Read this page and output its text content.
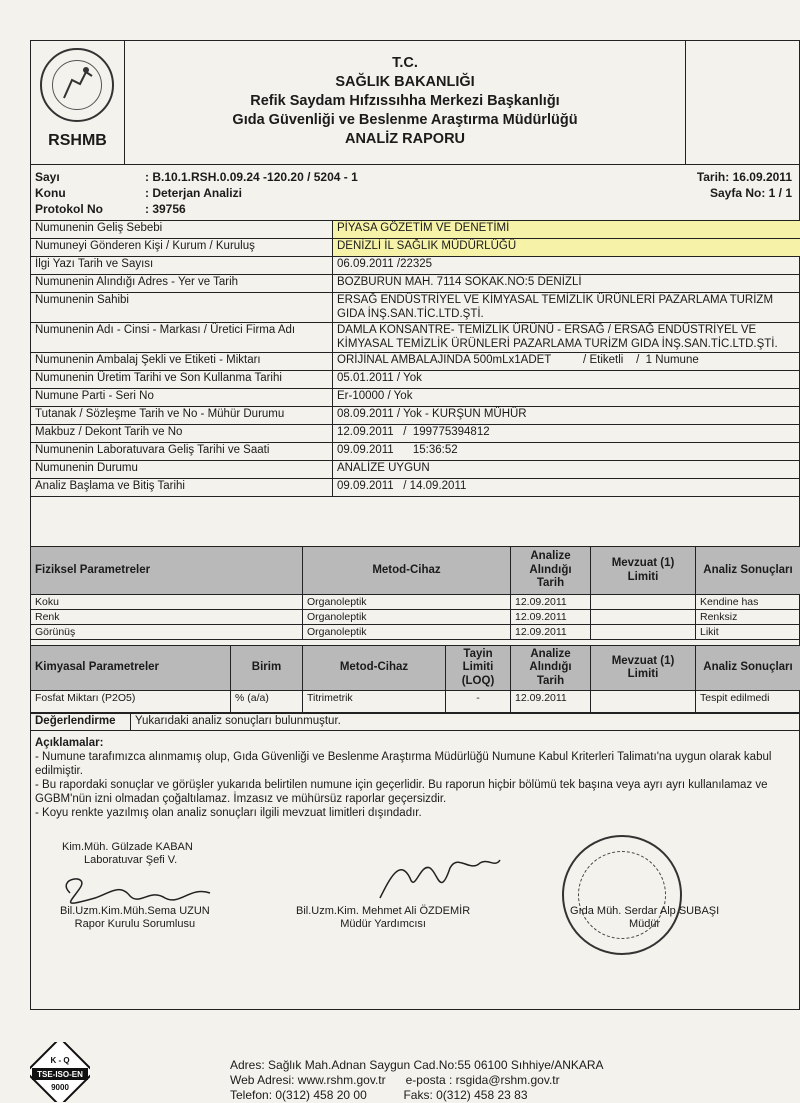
RSHMB
T.C.
SAĞLIK BAKANLIĞI
Refik Saydam Hıfzıssıhha Merkezi Başkanlığı
Gıda Güvenliği ve Beslenme Araştırma Müdürlüğü
ANALİZ RAPORU
Sayı	: B.10.1.RSH.0.09.24 -120.20 / 5204 - 1	Tarih: 16.09.2011
Konu	: Deterjan Analizi	Sayfa No: 1 / 1
Protokol No	: 39756
Numunenin Geliş Sebebi	PİYASA GÖZETİM VE DENETİMİ
Numuneyi Gönderen Kişi / Kurum / Kuruluş	DENİZLİ İL SAĞLIK MÜDÜRLÜĞÜ
İlgi Yazı Tarih ve Sayısı	06.09.2011 /22325
Numunenin Alındığı Adres - Yer ve Tarih	BOZBURUN MAH. 7114 SOKAK.NO:5 DENİZLİ
Numunenin Sahibi	ERSAĞ ENDÜSTRİYEL VE KİMYASAL TEMİZLİK ÜRÜNLERİ PAZARLAMA TURİZM GIDA İNŞ.SAN.TİC.LTD.ŞTİ.
Numunenin Adı - Cinsi - Markası / Üretici Firma Adı	DAMLA KONSANTRE- TEMİZLİK ÜRÜNÜ - ERSAĞ / ERSAĞ ENDÜSTRİYEL VE KİMYASAL TEMİZLİK ÜRÜNLERİ PAZARLAMA TURİZM GIDA İNŞ.SAN.TİC.LTD.ŞTİ.
Numunenin Ambalaj Şekli ve Etiketi - Miktarı	ORİJİNAL AMBALAJINDA 500mLx1ADET          / Etiketli    /  1 Numune
Numunenin Üretim Tarihi ve Son Kullanma Tarihi	05.01.2011 / Yok
Numune Parti - Seri No	Er-10000 / Yok
Tutanak / Sözleşme Tarih ve No - Mühür Durumu	08.09.2011 / Yok - KURŞUN MÜHÜR
Makbuz / Dekont Tarih ve No	12.09.2011   /  199775394812
Numunenin Laboratuvara Geliş Tarihi ve Saati	09.09.2011      15:36:52
Numunenin Durumu	ANALİZE UYGUN
Analiz Başlama ve Bitiş Tarihi	09.09.2011   / 14.09.2011
Fiziksel Parametreler	Metod-Cihaz	Analize Alındığı Tarih	Mevzuat (1) Limiti	Analiz Sonuçları
Koku	Organoleptik	12.09.2011		Kendine has
Renk	Organoleptik	12.09.2011		Renksiz
Görünüş	Organoleptik	12.09.2011		Likit
Kimyasal Parametreler	Birim	Metod-Cihaz	Tayin Limiti (LOQ)	Analize Alındığı Tarih	Mevzuat (1) Limiti	Analiz Sonuçları
Fosfat Miktarı (P2O5)	% (a/a)	Titrimetrik	-	12.09.2011		Tespit edilmedi
Değerlendirme	Yukarıdaki analiz sonuçları bulunmuştur.
Açıklamalar:
- Numune tarafımızca alınmamış olup, Gıda Güvenliği ve Beslenme Araştırma Müdürlüğü Numune Kabul Kriterleri Talimatı'na uygun olarak kabul edilmiştir.
- Bu rapordaki sonuçlar ve görüşler yukarıda belirtilen numune için geçerlidir. Bu raporun hiçbir bölümü tek başına veya ayrı ayrı kullanılamaz ve GGBM'nün izni olmadan çoğaltılamaz. İmzasız ve mühürsüz raporlar geçersizdir.
- Koyu renkte yazılmış olan analiz sonuçları ilgili mevzuat limitleri dışındadır.
Kim.Müh. Gülzade KABAN
Laboratuvar Şefi V.
Bil.Uzm.Kim.Müh.Sema UZUN
Rapor Kurulu Sorumlusu
Bil.Uzm.Kim. Mehmet Ali ÖZDEMİR
Müdür Yardımcısı
Gıda Müh. Serdar Alp SUBAŞI
Müdür
K - Q
TSE-ISO-EN
9000
Adres: Sağlık Mah.Adnan Saygun Cad.No:55 06100 Sıhhiye/ANKARA
Web Adresi: www.rshm.gov.tr      e-posta : rsgida@rshm.gov.tr
Telefon: 0(312) 458 20 00           Faks: 0(312) 458 23 83
